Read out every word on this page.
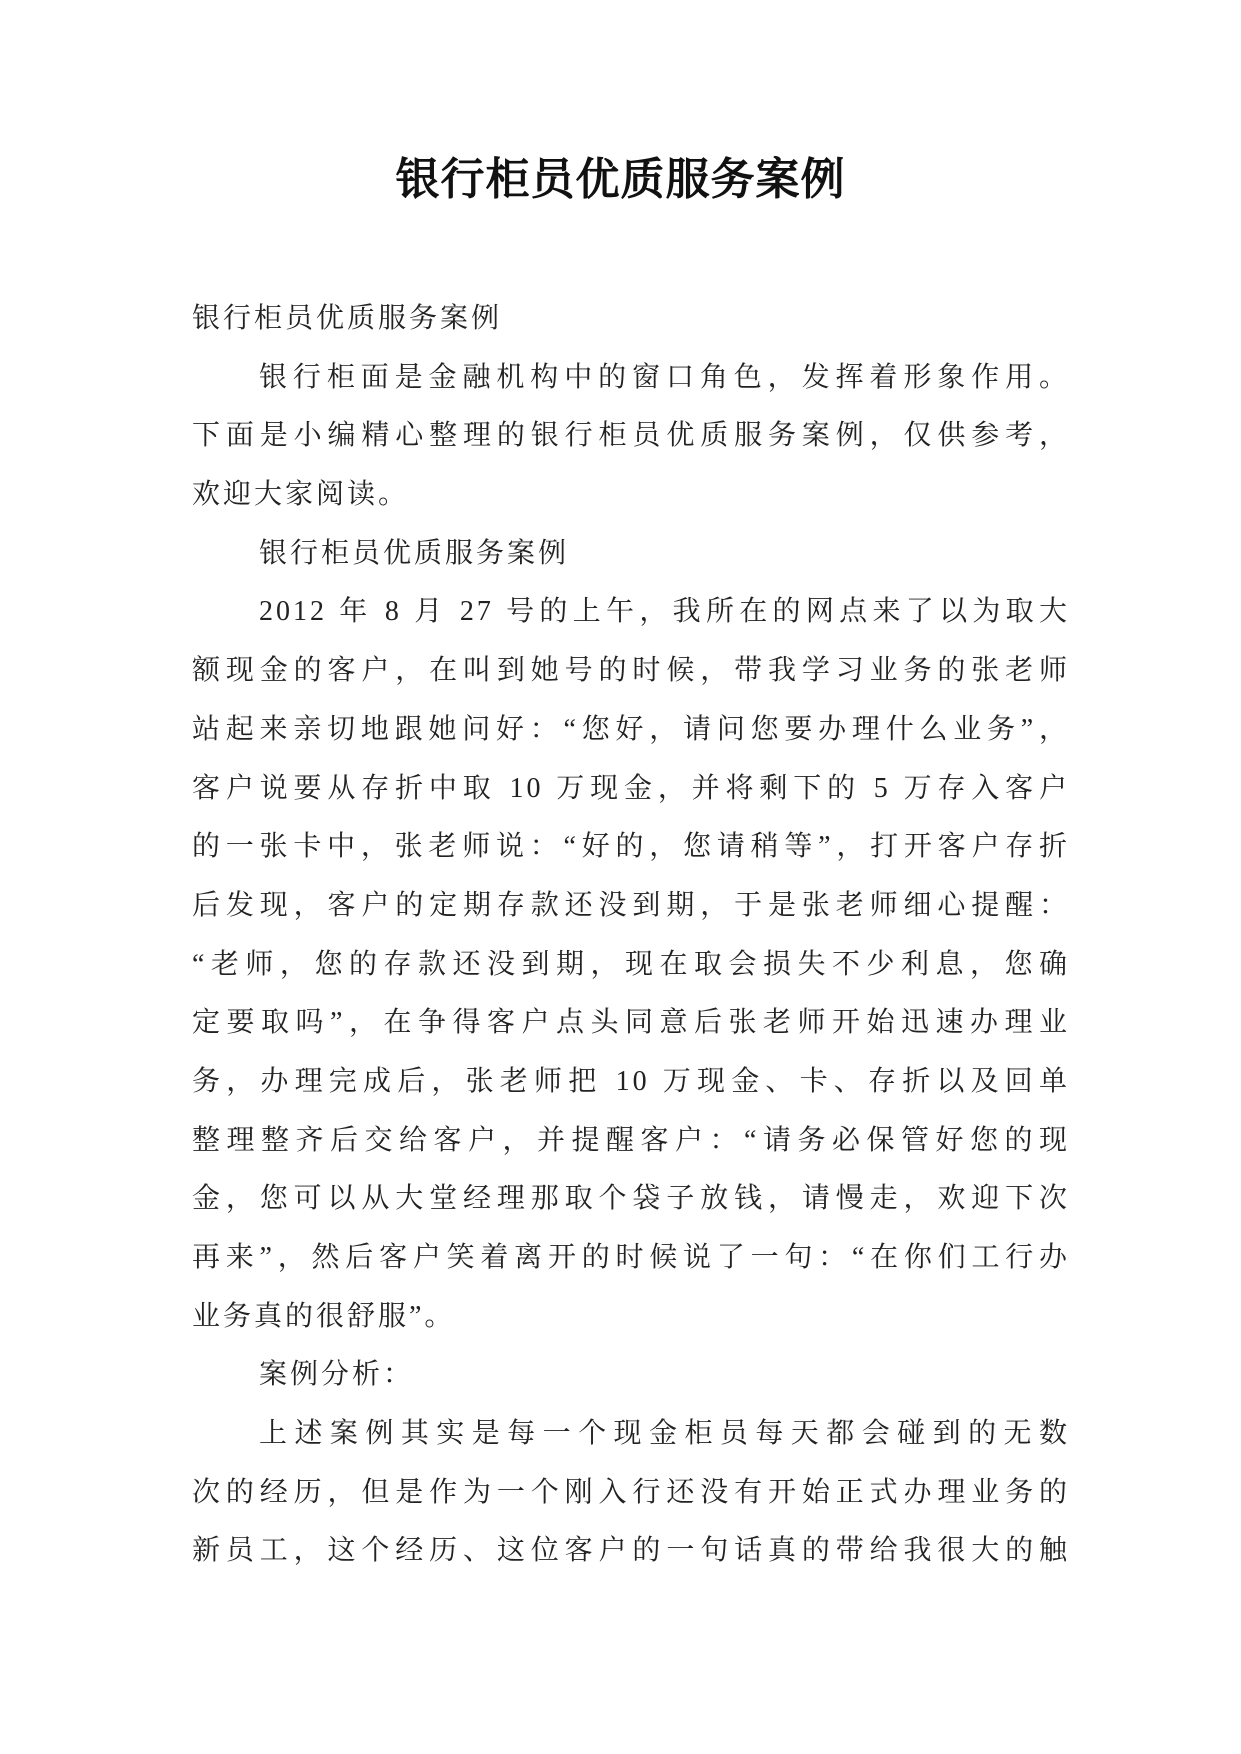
银行柜员优质服务案例
银行柜员优质服务案例
银行柜面是金融机构中的窗口角色，发挥着形象作用。
下面是小编精心整理的银行柜员优质服务案例，仅供参考，
欢迎大家阅读。
银行柜员优质服务案例
2012 年 8 月 27 号的上午，我所在的网点来了以为取大
额现金的客户，在叫到她号的时候，带我学习业务的张老师
站起来亲切地跟她问好：“您好，请问您要办理什么业务”，
客户说要从存折中取 10 万现金，并将剩下的 5 万存入客户
的一张卡中，张老师说：“好的，您请稍等”，打开客户存折
后发现，客户的定期存款还没到期，于是张老师细心提醒：
“老师，您的存款还没到期，现在取会损失不少利息，您确
定要取吗”，在争得客户点头同意后张老师开始迅速办理业
务，办理完成后，张老师把 10 万现金、卡、存折以及回单
整理整齐后交给客户，并提醒客户：“请务必保管好您的现
金，您可以从大堂经理那取个袋子放钱，请慢走，欢迎下次
再来”，然后客户笑着离开的时候说了一句：“在你们工行办
业务真的很舒服”。
案例分析：
上述案例其实是每一个现金柜员每天都会碰到的无数
次的经历，但是作为一个刚入行还没有开始正式办理业务的
新员工，这个经历、这位客户的一句话真的带给我很大的触
